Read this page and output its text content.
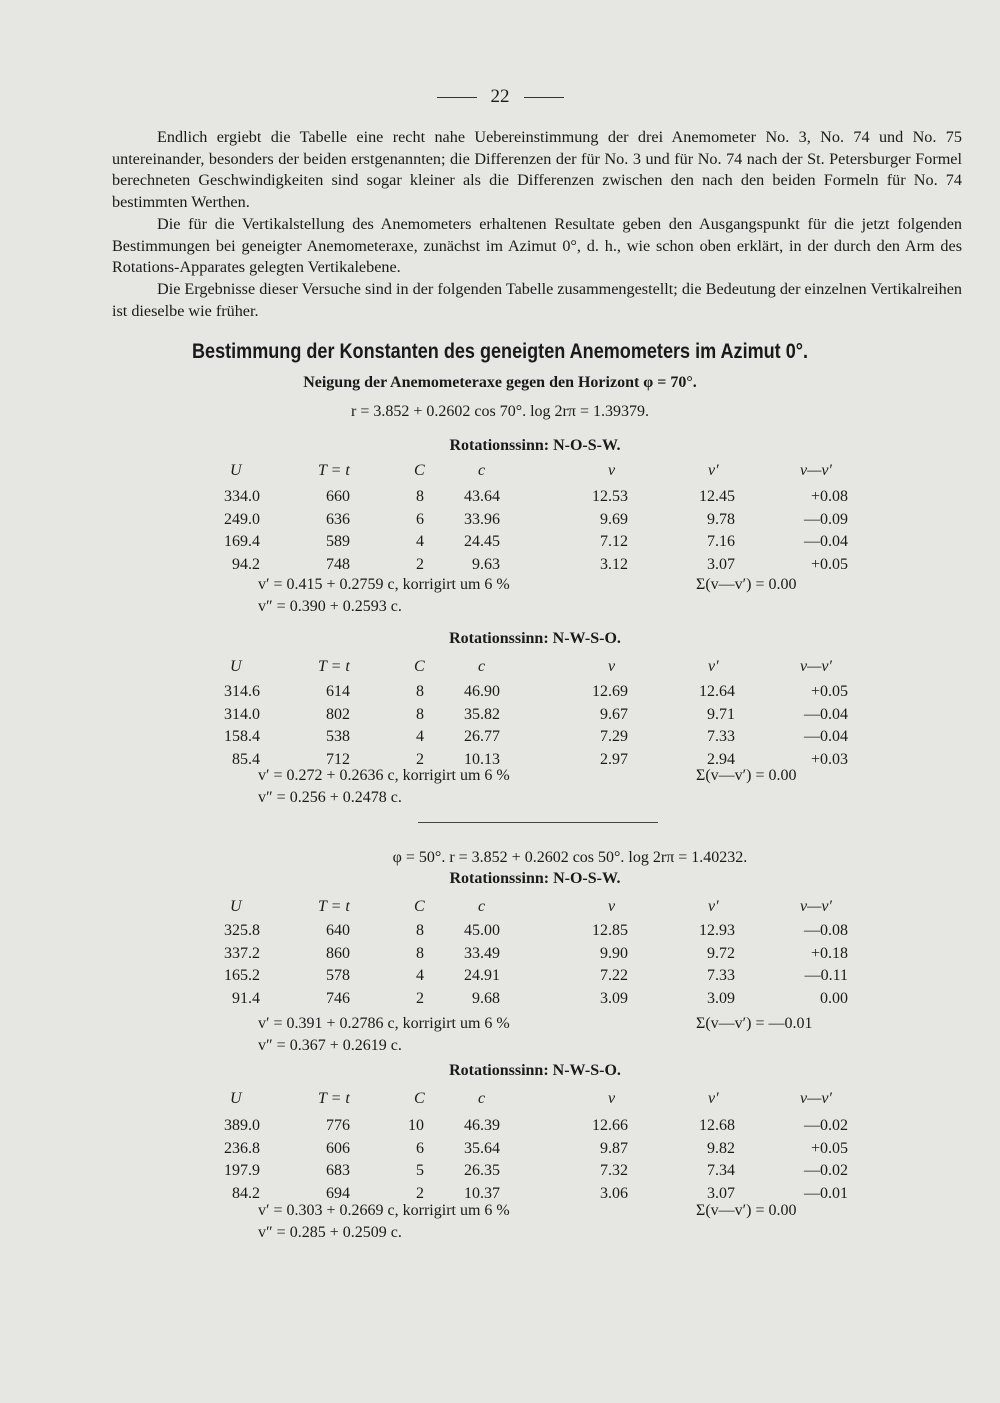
22

Endlich ergiebt die Tabelle eine recht nahe Uebereinstimmung der drei Anemometer No. 3, No. 74 und No. 75 untereinander, besonders der beiden erstgenannten; die Differenzen der für No. 3 und für No. 74 nach der St. Petersburger Formel berechneten Geschwindigkeiten sind sogar kleiner als die Differenzen zwischen den nach den beiden Formeln für No. 74 bestimmten Werthen.

Die für die Vertikalstellung des Anemometers erhaltenen Resultate geben den Ausgangspunkt für die jetzt folgenden Bestimmungen bei geneigter Anemometeraxe, zunächst im Azimut 0°, d. h., wie schon oben erklärt, in der durch den Arm des Rotations-Apparates gelegten Vertikalebene.

Die Ergebnisse dieser Versuche sind in der folgenden Tabelle zusammengestellt; die Bedeutung der einzelnen Vertikalreihen ist dieselbe wie früher.

Bestimmung der Konstanten des geneigten Anemometers im Azimut 0°.
Neigung der Anemometeraxe gegen den Horizont φ = 70°.
r = 3.852 + 0.2602 cos 70°. log 2rπ = 1.39379.
φ = 50°. r = 3.852 + 0.2602 cos 50°. log 2rπ = 1.40232.
Rotationssinn: N-O-S-W.
U	T = t	C	c	v	v′	v—v′
334.0	660	8	43.64	12.53	12.45	+0.08
249.0	636	6	33.96	9.69	9.78	—0.09
169.4	589	4	24.45	7.12	7.16	—0.04
94.2	748	2	9.63	3.12	3.07	+0.05
v′ = 0.415 + 0.2759 c, korrigirt um 6 %
v″ = 0.390 + 0.2593 c.
Σ(v—v′) = 0.00
Rotationssinn: N-W-S-O.
U	T = t	C	c	v	v′	v—v′
314.6	614	8	46.90	12.69	12.64	+0.05
314.0	802	8	35.82	9.67	9.71	—0.04
158.4	538	4	26.77	7.29	7.33	—0.04
85.4	712	2	10.13	2.97	2.94	+0.03
v′ = 0.272 + 0.2636 c, korrigirt um 6 %
v″ = 0.256 + 0.2478 c.
Σ(v—v′) = 0.00
Rotationssinn: N-O-S-W.
U	T = t	C	c	v	v′	v—v′
325.8	640	8	45.00	12.85	12.93	—0.08
337.2	860	8	33.49	9.90	9.72	+0.18
165.2	578	4	24.91	7.22	7.33	—0.11
91.4	746	2	9.68	3.09	3.09	0.00
v′ = 0.391 + 0.2786 c, korrigirt um 6 %
v″ = 0.367 + 0.2619 c.
Σ(v—v′) = —0.01
Rotationssinn: N-W-S-O.
U	T = t	C	c	v	v′	v—v′
389.0	776	10	46.39	12.66	12.68	—0.02
236.8	606	6	35.64	9.87	9.82	+0.05
197.9	683	5	26.35	7.32	7.34	—0.02
84.2	694	2	10.37	3.06	3.07	—0.01
v′ = 0.303 + 0.2669 c, korrigirt um 6 %
v″ = 0.285 + 0.2509 c.
Σ(v—v′) = 0.00
